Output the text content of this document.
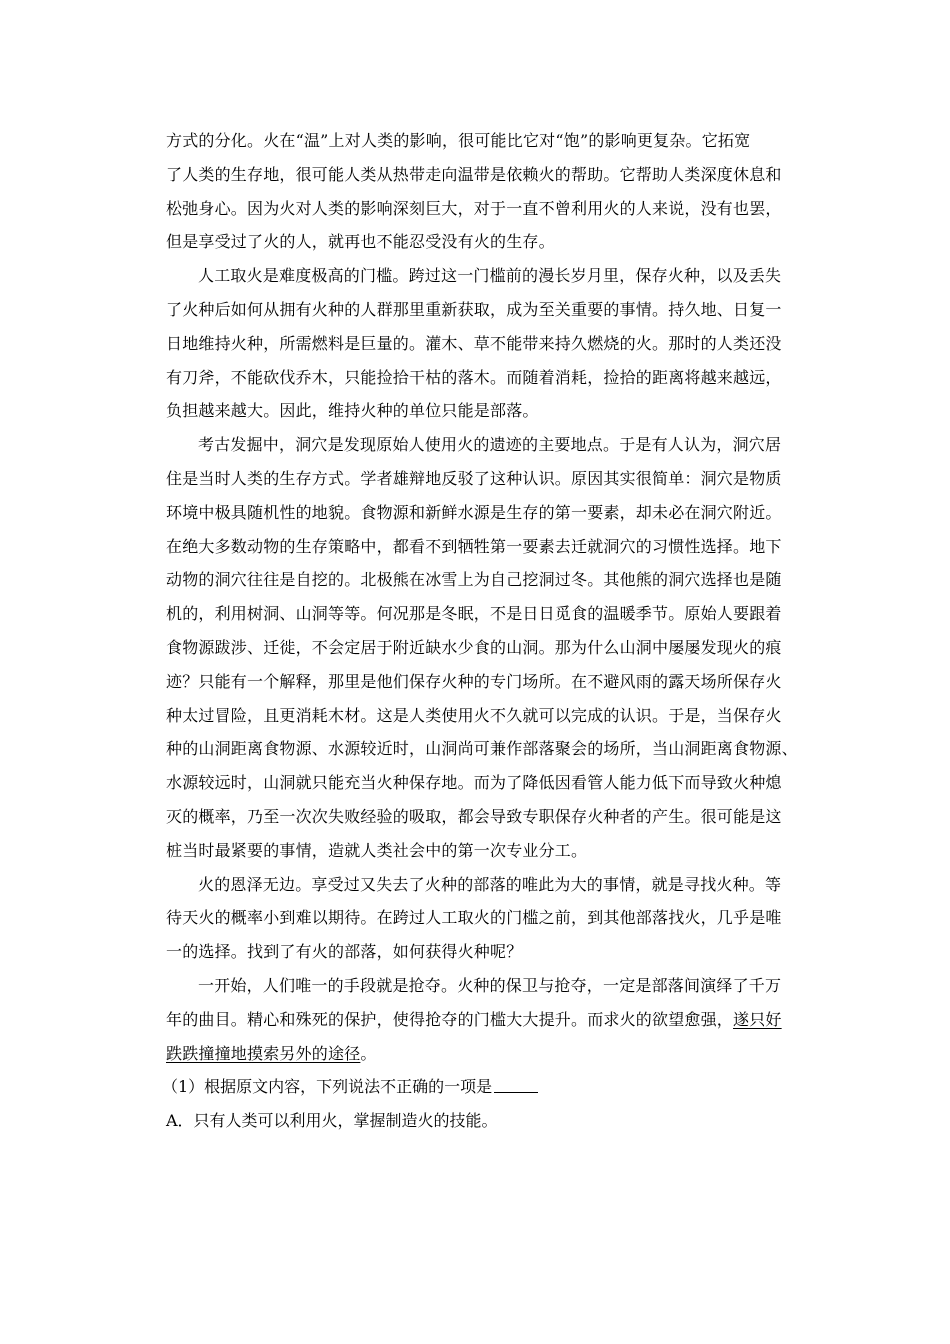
方式的分化。火在“温”上对人类的影响，很可能比它对“饱”的影响更复杂。它拓宽
了人类的生存地，很可能人类从热带走向温带是依赖火的帮助。它帮助人类深度休息和
松弛身心。因为火对人类的影响深刻巨大，对于一直不曾利用火的人来说，没有也罢，
但是享受过了火的人，就再也不能忍受没有火的生存。

人工取火是难度极高的门槛。跨过这一门槛前的漫长岁月里，保存火种，以及丢失
了火种后如何从拥有火种的人群那里重新获取，成为至关重要的事情。持久地、日复一
日地维持火种，所需燃料是巨量的。灌木、草不能带来持久燃烧的火。那时的人类还没
有刀斧，不能砍伐乔木，只能捡拾干枯的落木。而随着消耗，捡拾的距离将越来越远，
负担越来越大。因此，维持火种的单位只能是部落。

考古发掘中，洞穴是发现原始人使用火的遗迹的主要地点。于是有人认为，洞穴居
住是当时人类的生存方式。学者雄辩地反驳了这种认识。原因其实很简单：洞穴是物质
环境中极具随机性的地貌。食物源和新鲜水源是生存的第一要素，却未必在洞穴附近。
在绝大多数动物的生存策略中，都看不到牺牲第一要素去迁就洞穴的习惯性选择。地下
动物的洞穴往往是自挖的。北极熊在冰雪上为自己挖洞过冬。其他熊的洞穴选择也是随
机的，利用树洞、山洞等等。何况那是冬眠，不是日日觅食的温暖季节。原始人要跟着
食物源跋涉、迁徙，不会定居于附近缺水少食的山洞。那为什么山洞中屡屡发现火的痕
迹？只能有一个解释，那里是他们保存火种的专门场所。在不避风雨的露天场所保存火
种太过冒险，且更消耗木材。这是人类使用火不久就可以完成的认识。于是，当保存火
种的山洞距离食物源、水源较近时，山洞尚可兼作部落聚会的场所，当山洞距离食物源、
水源较远时，山洞就只能充当火种保存地。而为了降低因看管人能力低下而导致火种熄
灭的概率，乃至一次次失败经验的吸取，都会导致专职保存火种者的产生。很可能是这
桩当时最紧要的事情，造就人类社会中的第一次专业分工。

火的恩泽无边。享受过又失去了火种的部落的唯此为大的事情，就是寻找火种。等
待天火的概率小到难以期待。在跨过人工取火的门槛之前，到其他部落找火，几乎是唯
一的选择。找到了有火的部落，如何获得火种呢？

一开始，人们唯一的手段就是抢夺。火种的保卫与抢夺，一定是部落间演绎了千万
年的曲目。精心和殊死的保护，使得抢夺的门槛大大提升。而求火的欲望愈强，遂只好
跌跌撞撞地摸索另外的途径。

（1）根据原文内容，下列说法不正确的一项是

A．只有人类可以利用火，掌握制造火的技能。
